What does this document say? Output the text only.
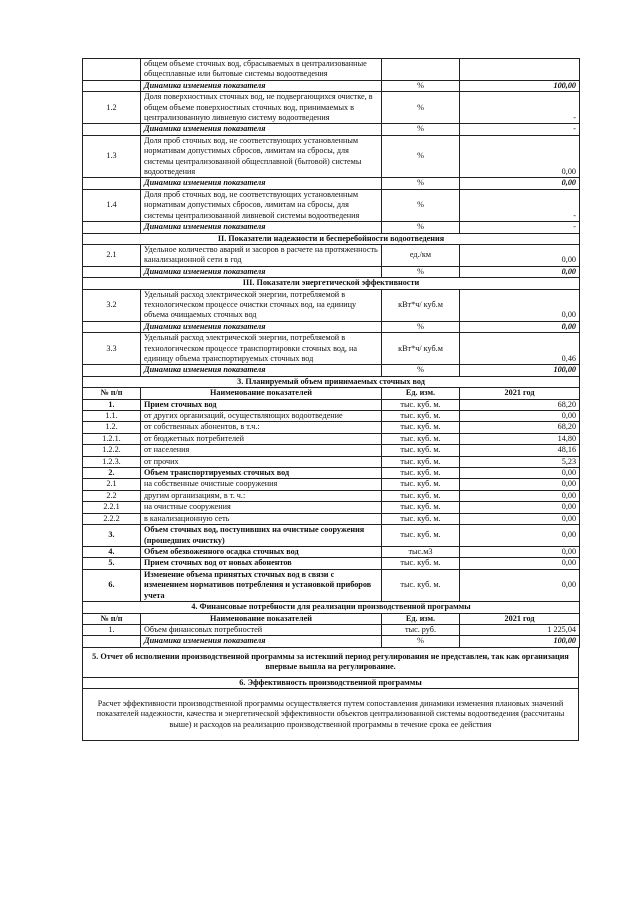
	общем объеме сточных вод, сбрасываемых в централизованные общесплавные или бытовые системы водоотведения		
	Динамика изменения показателя	%	100,00
1.2	Доля поверхностных сточных вод, не подвергающихся очистке, в общем объеме поверхностных сточных вод, принимаемых в централизованную ливневую систему водоотведения	%	-
	Динамика изменения показателя	%	-
1.3	Доля проб сточных вод, не соответствующих установленным нормативам допустимых сбросов, лимитам на сбросы, для системы централизованной общесплавной (бытовой) системы водоотведения	%	0,00
	Динамика изменения показателя	%	0,00
1.4	Доля проб сточных вод, не соответствующих установленным нормативам допустимых сбросов, лимитам на сбросы, для системы централизованной ливневой системы водоотведения	%	-
	Динамика изменения показателя	%	-
II. Показатели надежности и бесперебойности водоотведения			
2.1	Удельное количество аварий и засоров в расчете на протяженность канализационной сети в год	ед./км	0,00
	Динамика изменения показателя	%	0,00
III. Показатели энергетической эффективности			
3.2	Удельный расход электрической энергии, потребляемой в технологическом процессе очистки сточных вод, на единицу объема очищаемых сточных вод	кВт*ч/ куб.м	0,00
	Динамика изменения показателя	%	0,00
3.3	Удельный расход электрической энергии, потребляемой в технологическом процессе транспортировки сточных вод, на единицу объема транспортируемых сточных вод	кВт*ч/ куб.м	0,46
	Динамика изменения показателя	%	100,00
3. Планируемый объем принимаемых сточных вод			
№ п/п	Наименование показателей	Ед. изм.	2021 год
1.	Прием сточных вод	тыс. куб. м.	68,20
1.1.	от других организаций, осуществляющих водоотведение	тыс. куб. м.	0,00
1.2.	от собственных абонентов, в т.ч.:	тыс. куб. м.	68,20
1.2.1.	от бюджетных потребителей	тыс. куб. м.	14,80
1.2.2.	от населения	тыс. куб. м.	48,16
1.2.3.	от прочих	тыс. куб. м.	5,23
2.	Объем транспортируемых сточных вод	тыс. куб. м.	0,00
2.1	на собственные очистные сооружения	тыс. куб. м.	0,00
2.2	другим организациям, в т. ч.:	тыс. куб. м.	0,00
2.2.1	на очистные сооружения	тыс. куб. м.	0,00
2.2.2	в канализационную сеть	тыс. куб. м.	0,00
3.	Объем сточных вод, поступивших на очистные сооружения (прошедших очистку)	тыс. куб. м.	0,00
4.	Объем обезвоженного осадка сточных вод	тыс.м3	0,00
5.	Прием сточных вод от новых абонентов	тыс. куб. м.	0,00
6.	Изменение объема принятых сточных вод в связи с изменением нормативов потребления и установкой приборов учета	тыс. куб. м.	0,00
4. Финансовые потребности для реализации производственной программы			
№ п/п	Наименование показателей	Ед. изм.	2021 год
1.	Объем финансовых потребностей	тыс. руб.	1 225,04
	Динамика изменения показателя	%	100,00
5. Отчет об исполнении производственной программы за истекший период регулирования не представлен, так как организация впервые вышла на регулирование.
6. Эффективность производственной программы
Расчет эффективности производственной программы осуществляется путем сопоставления динамики изменения плановых значений показателей надежности, качества и энергетической эффективности объектов централизованной системы водоотведения (рассчитаны выше) и расходов на реализацию производственной программы в течение срока ее действия
